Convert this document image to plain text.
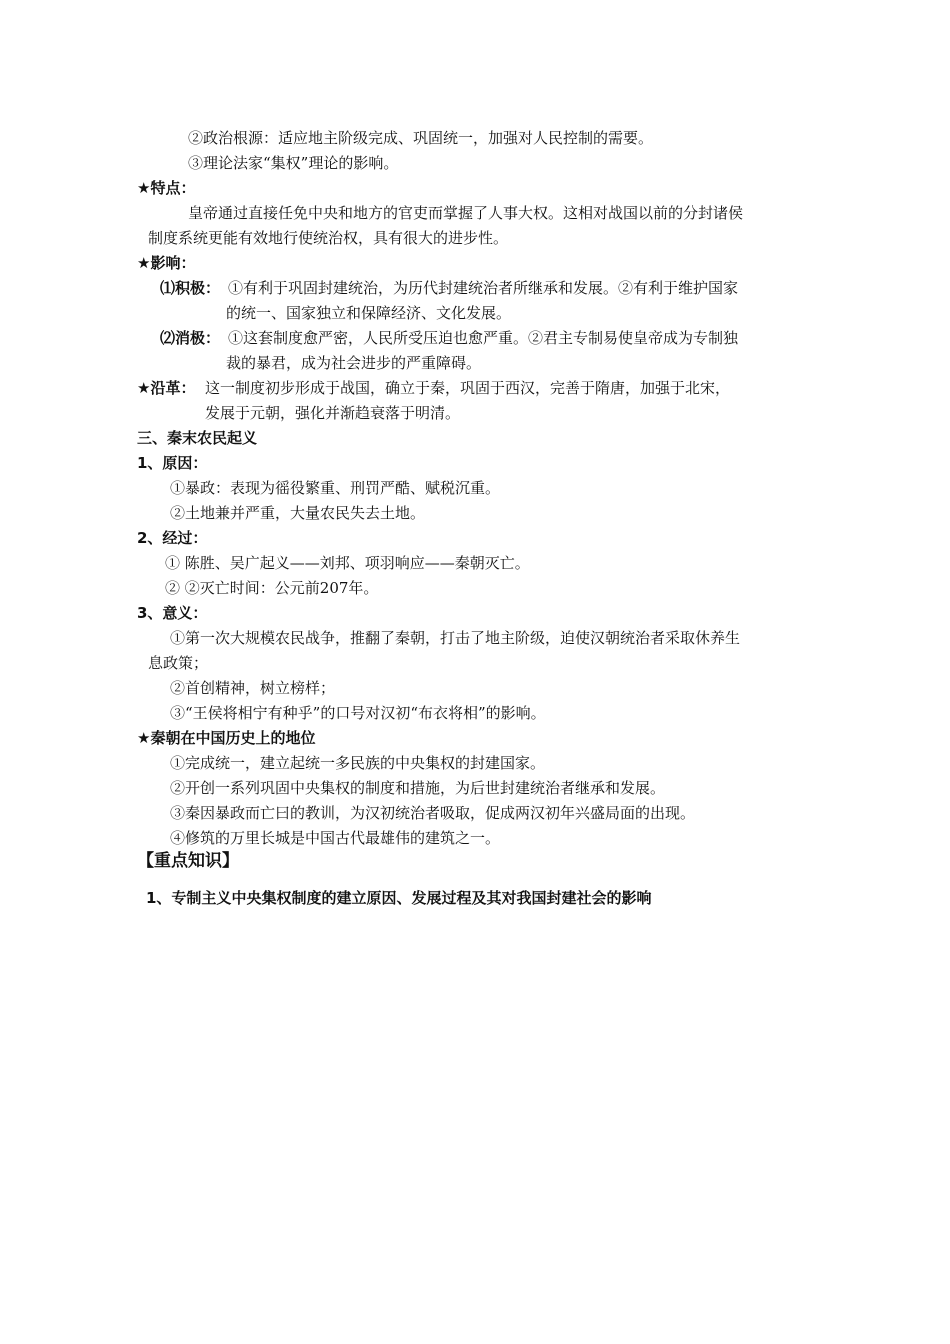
②政治根源：适应地主阶级完成、巩固统一，加强对人民控制的需要。
③理论法家“集权”理论的影响。
★特点：
皇帝通过直接任免中央和地方的官吏而掌握了人事大权。这相对战国以前的分封诸侯
制度系统更能有效地行使统治权，具有很大的进步性。
★影响：
⑴积极： ①有利于巩固封建统治，为历代封建统治者所继承和发展。②有利于维护国家
的统一、国家独立和保障经济、文化发展。
⑵消极： ①这套制度愈严密，人民所受压迫也愈严重。②君主专制易使皇帝成为专制独
裁的暴君，成为社会进步的严重障碍。
★沿革： 这一制度初步形成于战国，确立于秦，巩固于西汉，完善于隋唐，加强于北宋，
发展于元朝，强化并渐趋衰落于明清。
三、秦末农民起义
1、原因：
①暴政：表现为徭役繁重、刑罚严酷、赋税沉重。
②土地兼并严重，大量农民失去土地。
2、经过：
① 陈胜、吴广起义——刘邦、项羽响应——秦朝灭亡。
② ②灭亡时间：公元前207年。
3、意义：
①第一次大规模农民战争，推翻了秦朝，打击了地主阶级，迫使汉朝统治者采取休养生
息政策；
②首创精神，树立榜样；
③“王侯将相宁有种乎”的口号对汉初“布衣将相”的影响。
★秦朝在中国历史上的地位
①完成统一，建立起统一多民族的中央集权的封建国家。
②开创一系列巩固中央集权的制度和措施，为后世封建统治者继承和发展。
③秦因暴政而亡曰的教训，为汉初统治者吸取，促成两汉初年兴盛局面的出现。
④修筑的万里长城是中国古代最雄伟的建筑之一。
【重点知识】
1、专制主义中央集权制度的建立原因、发展过程及其对我国封建社会的影响
